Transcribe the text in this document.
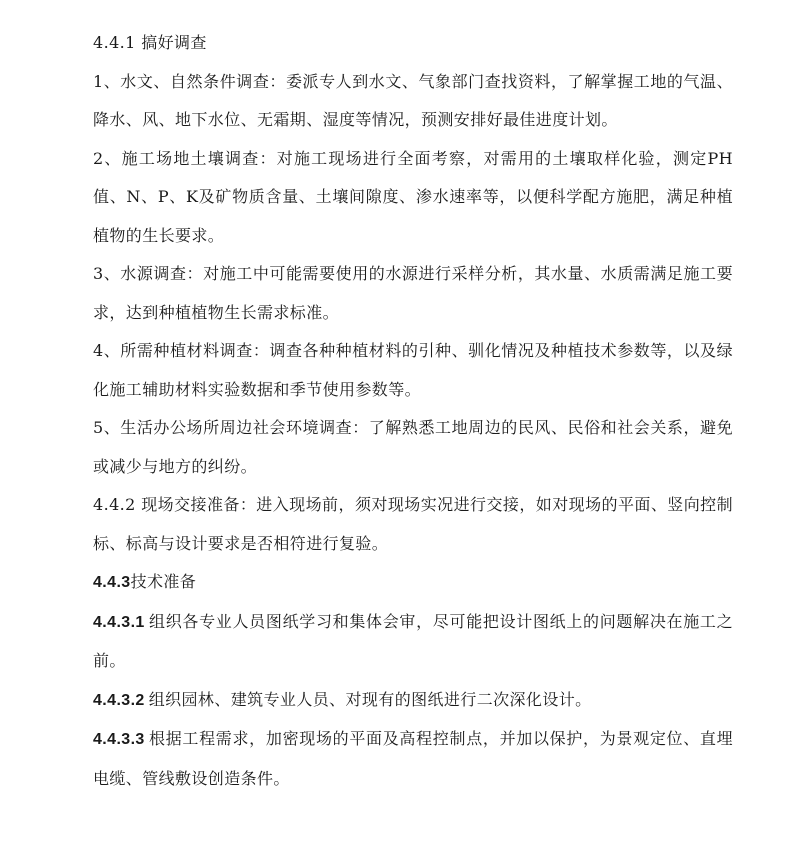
4.4.1 搞好调查

1、水文、自然条件调查：委派专人到水文、气象部门查找资料，了解掌握工地的气温、降水、风、地下水位、无霜期、湿度等情况，预测安排好最佳进度计划。

2、施工场地土壤调查：对施工现场进行全面考察，对需用的土壤取样化验，测定PH值、N、P、K及矿物质含量、土壤间隙度、渗水速率等，以便科学配方施肥，满足种植植物的生长要求。

3、水源调查：对施工中可能需要使用的水源进行采样分析，其水量、水质需满足施工要求，达到种植植物生长需求标准。

4、所需种植材料调查：调查各种种植材料的引种、驯化情况及种植技术参数等，以及绿化施工辅助材料实验数据和季节使用参数等。

5、生活办公场所周边社会环境调查：了解熟悉工地周边的民风、民俗和社会关系，避免或减少与地方的纠纷。

4.4.2 现场交接准备：进入现场前，须对现场实况进行交接，如对现场的平面、竖向控制标、标高与设计要求是否相符进行复验。

4.4.3技术准备

4.4.3.1 组织各专业人员图纸学习和集体会审，尽可能把设计图纸上的问题解决在施工之前。

4.4.3.2 组织园林、建筑专业人员、对现有的图纸进行二次深化设计。

4.4.3.3 根据工程需求，加密现场的平面及高程控制点，并加以保护，为景观定位、直埋电缆、管线敷设创造条件。
